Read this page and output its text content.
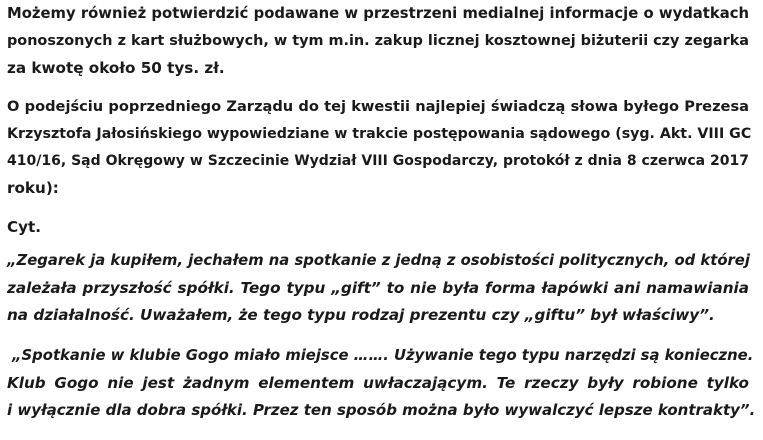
Możemy również potwierdzić podawane w przestrzeni medialnej informacje o wydatkach
ponoszonych z kart służbowych, w tym m.in. zakup licznej kosztownej biżuterii czy zegarka
za kwotę około 50 tys. zł.
O podejściu poprzedniego Zarządu do tej kwestii najlepiej świadczą słowa byłego Prezesa
Krzysztofa Jałosińskiego wypowiedziane w trakcie postępowania sądowego (syg. Akt. VIII GC
410/16, Sąd Okręgowy w Szczecinie Wydział VIII Gospodarczy, protokół z dnia 8 czerwca 2017
roku):
Cyt.
„Zegarek ja kupiłem, jechałem na spotkanie z jedną z osobistości politycznych, od której
zależała przyszłość spółki. Tego typu „gift” to nie była forma łapówki ani namawiania
na działalność. Uważałem, że tego typu rodzaj prezentu czy „giftu” był właściwy”.
„Spotkanie w klubie Gogo miało miejsce ……. Używanie tego typu narzędzi są konieczne.
Klub Gogo nie jest żadnym elementem uwłaczającym. Te rzeczy były robione tylko
i wyłącznie dla dobra spółki. Przez ten sposób można było wywalczyć lepsze kontrakty”.
